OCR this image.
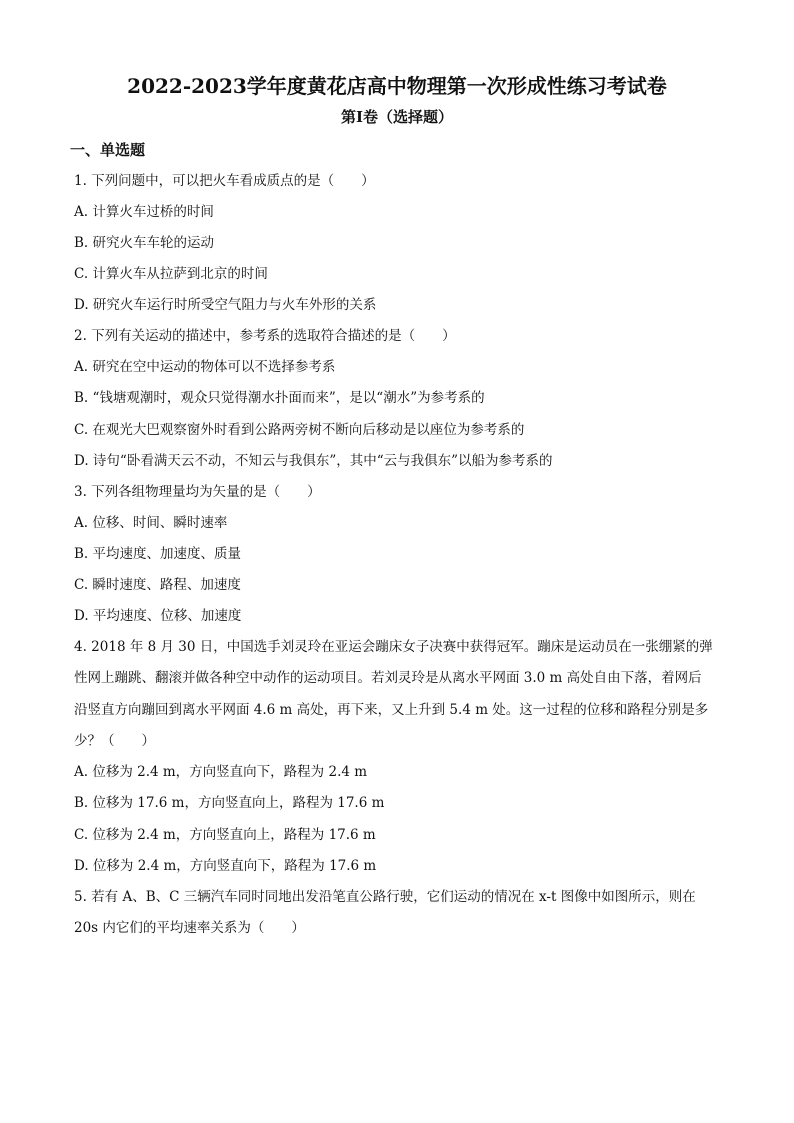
2022-2023学年度黄花店高中物理第一次形成性练习考试卷
第I卷（选择题）
一、单选题
1. 下列问题中，可以把火车看成质点的是（　　）
A. 计算火车过桥的时间
B. 研究火车车轮的运动
C. 计算火车从拉萨到北京的时间
D. 研究火车运行时所受空气阻力与火车外形的关系
2. 下列有关运动的描述中，参考系的选取符合描述的是（　　）
A. 研究在空中运动的物体可以不选择参考系
B. “钱塘观潮时，观众只觉得潮水扑面而来”，是以“潮水”为参考系的
C. 在观光大巴观察窗外时看到公路两旁树不断向后移动是以座位为参考系的
D. 诗句“卧看满天云不动，不知云与我俱东”，其中“云与我俱东”以船为参考系的
3. 下列各组物理量均为矢量的是（　　）
A. 位移、时间、瞬时速率
B. 平均速度、加速度、质量
C. 瞬时速度、路程、加速度
D. 平均速度、位移、加速度
4. 2018 年 8 月 30 日，中国选手刘灵玲在亚运会蹦床女子决赛中获得冠军。蹦床是运动员在一张绷紧的弹
性网上蹦跳、翻滚并做各种空中动作的运动项目。若刘灵玲是从离水平网面 3.0 m 高处自由下落，着网后
沿竖直方向蹦回到离水平网面 4.6 m 高处，再下来，又上升到 5.4 m 处。这一过程的位移和路程分别是多
少？（　　）
A. 位移为 2.4 m，方向竖直向下，路程为 2.4 m
B. 位移为 17.6 m，方向竖直向上，路程为 17.6 m
C. 位移为 2.4 m，方向竖直向上，路程为 17.6 m
D. 位移为 2.4 m，方向竖直向下，路程为 17.6 m
5. 若有 A、B、C 三辆汽车同时同地出发沿笔直公路行驶，它们运动的情况在 x-t 图像中如图所示，则在
20s 内它们的平均速率关系为（　　）
